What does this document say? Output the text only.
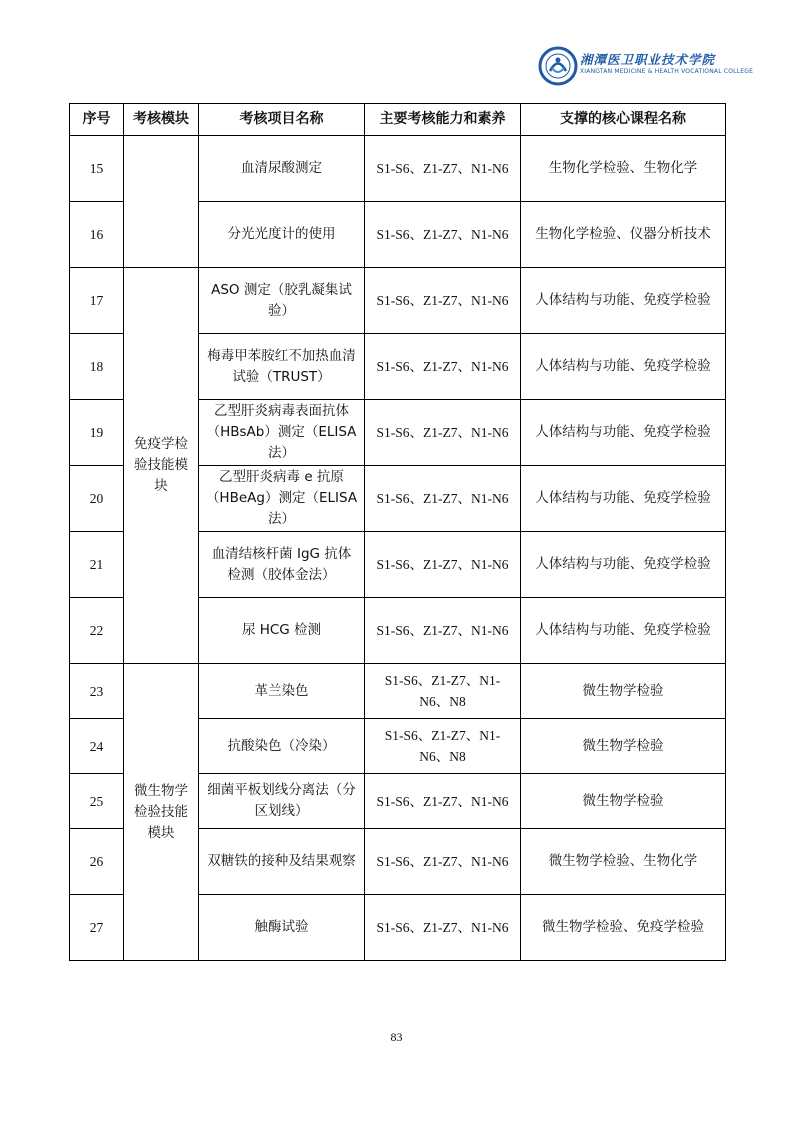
湘潭医卫职业技术学院
XIANGTAN MEDICINE & HEALTH VOCATIONAL COLLEGE
序号	考核模块	考核项目名称	主要考核能力和素养	支撑的核心课程名称
15		血清尿酸测定	S1-S6、Z1-Z7、N1-N6	生物化学检验、生物化学
16		分光光度计的使用	S1-S6、Z1-Z7、N1-N6	生物化学检验、仪器分析技术
17	免疫学检验技能模块	ASO 测定（胶乳凝集试验）	S1-S6、Z1-Z7、N1-N6	人体结构与功能、免疫学检验
18		梅毒甲苯胺红不加热血清试验（TRUST）	S1-S6、Z1-Z7、N1-N6	人体结构与功能、免疫学检验
19		乙型肝炎病毒表面抗体（HBsAb）测定（ELISA法）	S1-S6、Z1-Z7、N1-N6	人体结构与功能、免疫学检验
20		乙型肝炎病毒 e 抗原（HBeAg）测定（ELISA法）	S1-S6、Z1-Z7、N1-N6	人体结构与功能、免疫学检验
21		血清结核杆菌 IgG 抗体检测（胶体金法）	S1-S6、Z1-Z7、N1-N6	人体结构与功能、免疫学检验
22		尿 HCG 检测	S1-S6、Z1-Z7、N1-N6	人体结构与功能、免疫学检验
23	微生物学检验技能模块	革兰染色	S1-S6、Z1-Z7、N1-N6、N8	微生物学检验
24		抗酸染色（冷染）	S1-S6、Z1-Z7、N1-N6、N8	微生物学检验
25		细菌平板划线分离法（分区划线）	S1-S6、Z1-Z7、N1-N6	微生物学检验
26		双糖铁的接种及结果观察	S1-S6、Z1-Z7、N1-N6	微生物学检验、生物化学
27		触酶试验	S1-S6、Z1-Z7、N1-N6	微生物学检验、免疫学检验
83
